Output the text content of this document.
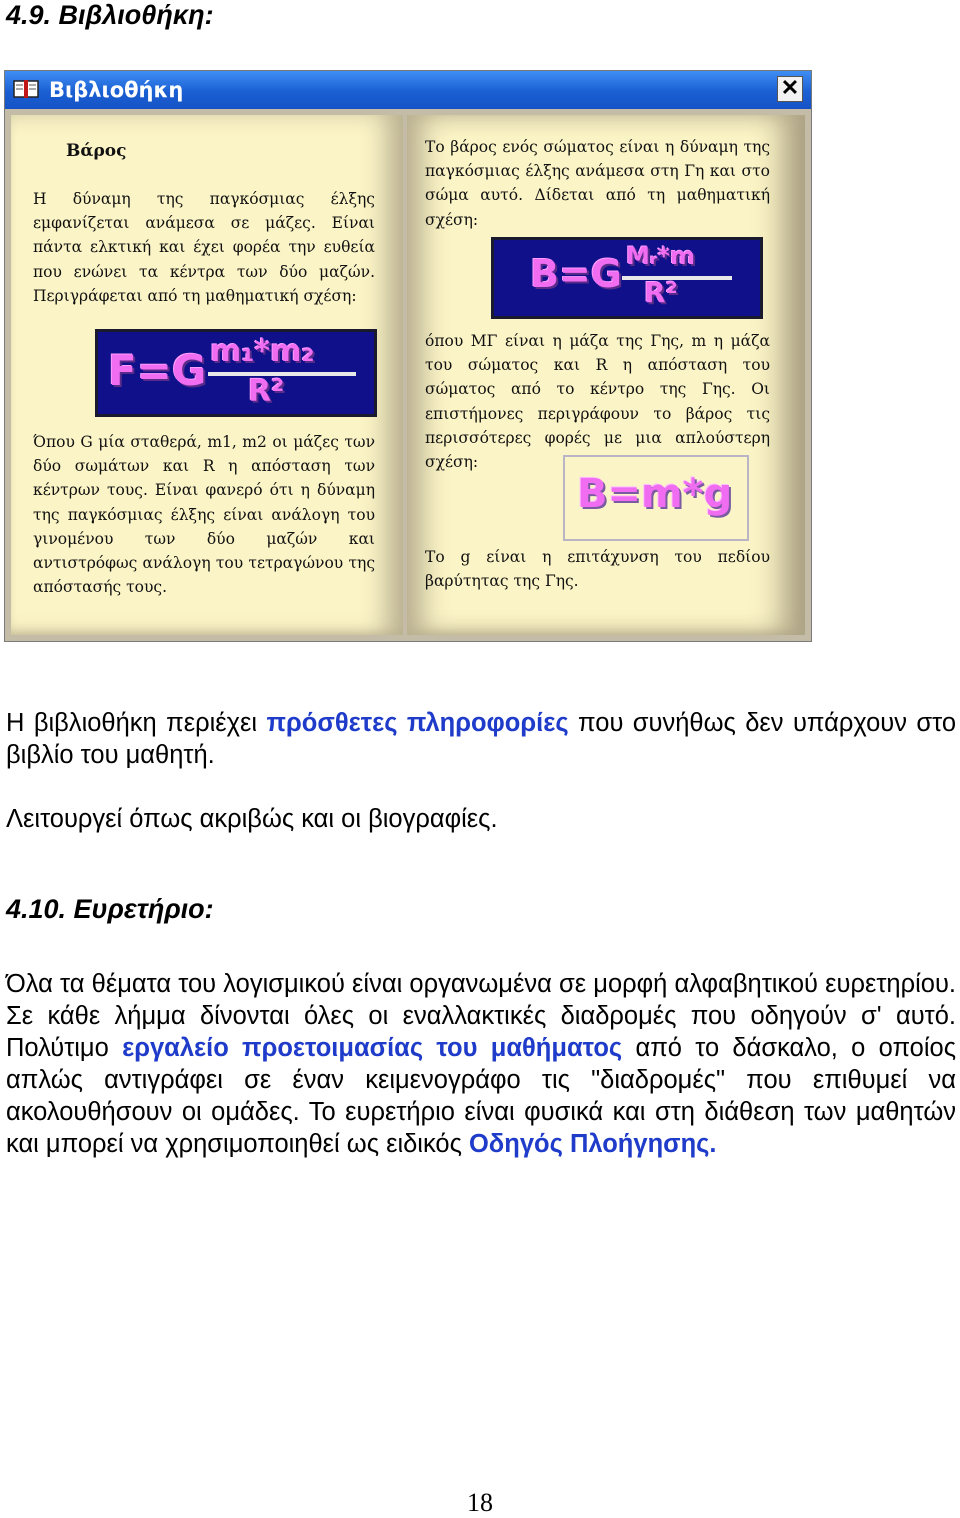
4.9. Βιβλιοθήκη:
Βιβλιοθήκη	✕

Βάρος

Η δύναμη της παγκόσμιας έλξης εμφανίζεται ανάμεσα σε μάζες. Είναι πάντα ελκτική και έχει φορέα την ευθεία που ενώνει τα κέντρα των δύο μαζών. Περιγράφεται από τη μαθηματική σχέση:

F=G m₁*m₂
R²

Όπου G μία σταθερά, m1, m2 οι μάζες των δύο σωμάτων και R η απόσταση των κέντρων τους. Είναι φανερό ότι η δύναμη της παγκόσμιας έλξης είναι ανάλογη του γινομένου των δύο μαζών και αντιστρόφως ανάλογη του τετραγώνου της απόστασής τους.

Το βάρος ενός σώματος είναι η δύναμη της παγκόσμιας έλξης ανάμεσα στη Γη και στο σώμα αυτό. Δίδεται από τη μαθηματική σχέση:

B=G Mᵣ*m
R²

όπου ΜΓ είναι η μάζα της Γης, m η μάζα του σώματος και R η απόσταση του σώματος από το κέντρο της Γης. Οι επιστήμονες περιγράφουν το βάρος τις περισσότερες φορές με μια απλούστερη σχέση:

B=m*g

Το g είναι η επιτάχυνση του πεδίου βαρύτητας της Γης.

Η βιβλιοθήκη περιέχει πρόσθετες πληροφορίες που συνήθως δεν υπάρχουν στο βιβλίο του μαθητή.

Λειτουργεί όπως ακριβώς και οι βιογραφίες.

4.10. Ευρετήριο:

Όλα τα θέματα του λογισμικού είναι οργανωμένα σε μορφή αλφαβητικού ευρετηρίου. Σε κάθε λήμμα δίνονται όλες οι εναλλακτικές διαδρομές που οδηγούν σ' αυτό. Πολύτιμο εργαλείο προετοιμασίας του μαθήματος από το δάσκαλο, ο οποίος απλώς αντιγράφει σε έναν κειμενογράφο τις "διαδρομές" που επιθυμεί να ακολουθήσουν οι ομάδες. Το ευρετήριο είναι φυσικά και στη διάθεση των μαθητών και μπορεί να χρησιμοποιηθεί ως ειδικός Οδηγός Πλοήγησης.

18
